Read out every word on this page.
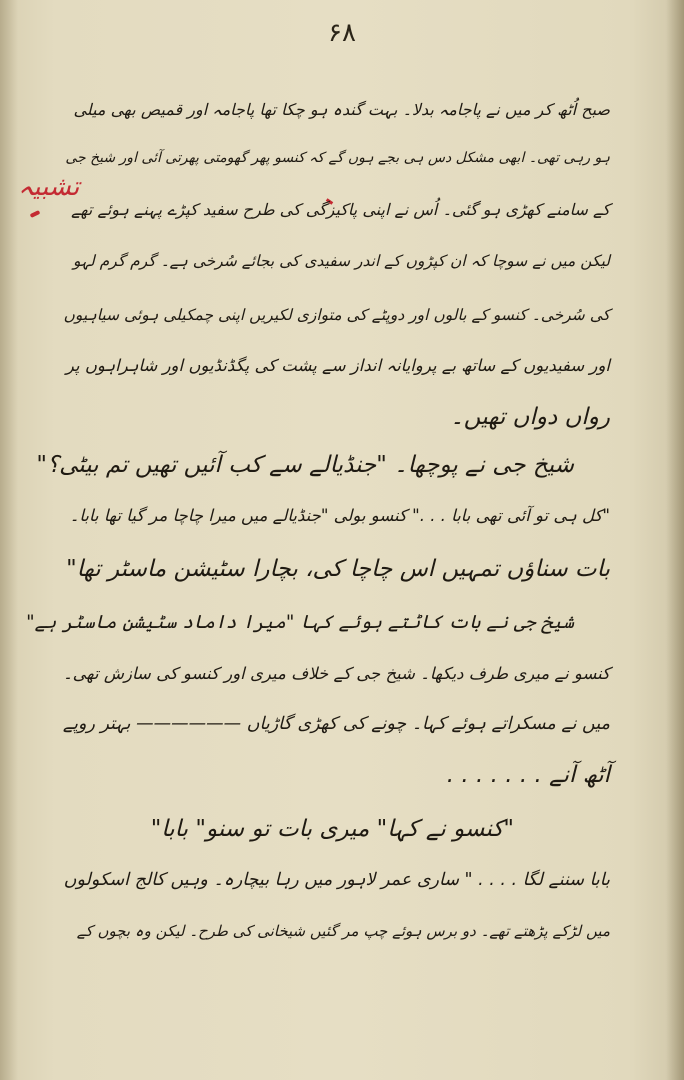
۶۸
تشبیہ
صبح اُٹھ کر میں نے پاجامہ بدلا۔ بہت گندہ ہو چکا تھا پاجامہ اور قمیص بھی میلی
ہو رہی تھی۔ ابھی مشکل دس ہی بجے ہوں گے کہ کنسو پھر گھومتی پھرتی آئی اور شیخ جی
کے سامنے کھڑی ہو گئی۔ اُس نے اپنی پاکیزگی کی طرح سفید کپڑے پہنے ہوئے تھے
لیکن میں نے سوچا کہ ان کپڑوں کے اندر سفیدی کی بجائے سُرخی ہے۔ گرم گرم لہو
کی سُرخی۔ کنسو کے بالوں اور دوپٹے کی متوازی لکیریں اپنی چمکیلی ہوئی سیاہیوں
اور سفیدیوں کے ساتھ بے پروایانہ انداز سے پشت کی پگڈنڈیوں اور شاہراہوں پر
رواں دواں تھیں۔
شیخ جی نے پوچھا۔ "جنڈیالے سے کب آئیں تھیں تم بیٹی؟"
"کل ہی تو آئی تھی بابا . . ." کنسو بولی "جنڈیالے میں میرا چاچا مر گیا تھا بابا۔
بات سناؤں تمہیں اس چاچا کی، بچارا سٹیشن ماسٹر تھا"
شیخ جی نے بات کاٹتے ہوئے کہا "میرا داماد سٹیشن ماسٹر ہے"
کنسو نے میری طرف دیکھا۔ شیخ جی کے خلاف میری اور کنسو کی سازش تھی۔
میں نے مسکراتے ہوئے کہا۔ چونے کی کھڑی گاڑیاں —————— بہتر روپے
آٹھ آنے . . . . . . .
"کنسو نے کہا" میری بات تو سنو" بابا"
بابا سننے لگا . . . . " ساری عمر لاہور میں رہا بیچارہ۔ وہیں کالج اسکولوں
میں لڑکے پڑھتے تھے۔ دو برس ہوئے چپ مر گئیں شیخانی کی طرح۔ لیکن وہ بچوں کے
